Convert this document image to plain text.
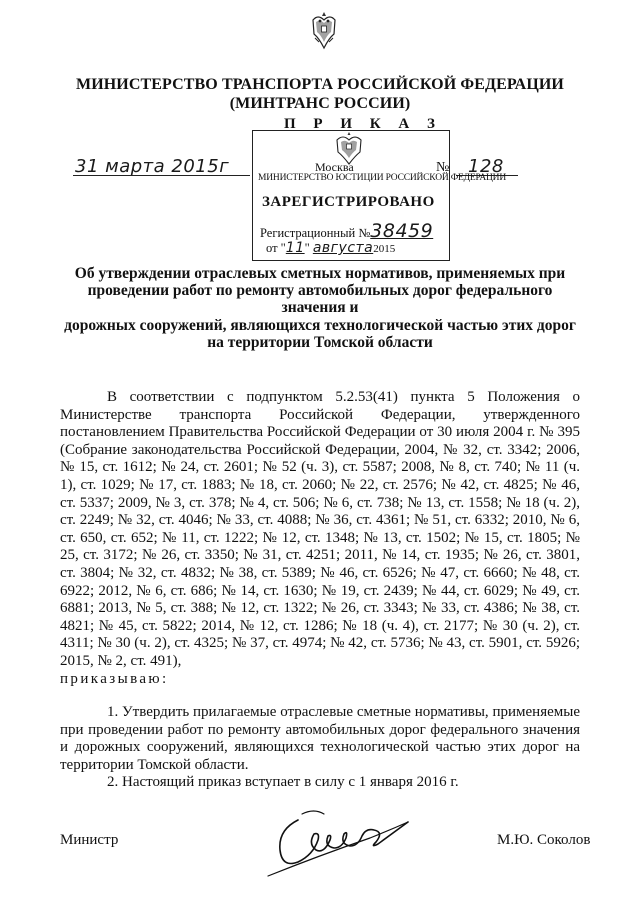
МИНИСТЕРСТВО ТРАНСПОРТА РОССИЙСКОЙ ФЕДЕРАЦИИ
(МИНТРАНС РОССИИ)
П Р И К А З
31 марта 2015г	Москва	№ 128
МИНИСТЕРСТВО ЮСТИЦИИ РОССИЙСКОЙ ФЕДЕРАЦИИ
ЗАРЕГИСТРИРОВАНО
Регистрационный №38459
от "11" августа2015
Об утверждении отраслевых сметных нормативов, применяемых при
проведении работ по ремонту автомобильных дорог федерального значения и
дорожных сооружений, являющихся технологической частью этих дорог
на территории Томской области
В соответствии с подпунктом 5.2.53(41) пункта 5 Положения о Министерстве транспорта Российской Федерации, утвержденного постановлением Правительства Российской Федерации от 30 июля 2004 г. № 395 (Собрание законодательства Российской Федерации, 2004, № 32, ст. 3342; 2006, № 15, ст. 1612; № 24, ст. 2601; № 52 (ч. 3), ст. 5587; 2008, № 8, ст. 740; № 11 (ч. 1), ст. 1029; № 17, ст. 1883; № 18, ст. 2060; № 22, ст. 2576; № 42, ст. 4825; № 46, ст. 5337; 2009, № 3, ст. 378; № 4, ст. 506; № 6, ст. 738; № 13, ст. 1558; № 18 (ч. 2), ст. 2249; № 32, ст. 4046; № 33, ст. 4088; № 36, ст. 4361; № 51, ст. 6332; 2010, № 6, ст. 650, ст. 652; № 11, ст. 1222; № 12, ст. 1348; № 13, ст. 1502; № 15, ст. 1805; № 25, ст. 3172; № 26, ст. 3350; № 31, ст. 4251; 2011, № 14, ст. 1935; № 26, ст. 3801, ст. 3804; № 32, ст. 4832; № 38, ст. 5389; № 46, ст. 6526; № 47, ст. 6660; № 48, ст. 6922; 2012, № 6, ст. 686; № 14, ст. 1630; № 19, ст. 2439; № 44, ст. 6029; № 49, ст. 6881; 2013, № 5, ст. 388; № 12, ст. 1322; № 26, ст. 3343; № 33, ст. 4386; № 38, ст. 4821; № 45, ст. 5822; 2014, № 12, ст. 1286; № 18 (ч. 4), ст. 2177; № 30 (ч. 2), ст. 4311; № 30 (ч. 2), ст. 4325; № 37, ст. 4974; № 42, ст. 5736; № 43, ст. 5901, ст. 5926; 2015, № 2, ст. 491),
приказываю:

1. Утвердить прилагаемые отраслевые сметные нормативы, применяемые при проведении работ по ремонту автомобильных дорог федерального значения и дорожных сооружений, являющихся технологической частью этих дорог на территории Томской области.

2. Настоящий приказ вступает в силу с 1 января 2016 г.

Министр	М.Ю. Соколов
